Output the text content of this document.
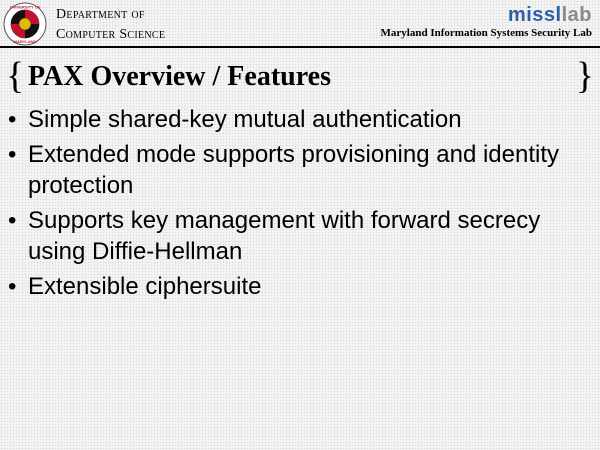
UNIVERSITY OF
MARYLAND
Department of
Computer Science
missllab
Maryland Information Systems Security Lab
{ PAX Overview / Features	}
• Simple shared-key mutual authentication
• Extended mode supports provisioning and identity protection
• Supports key management with forward secrecy using Diffie-Hellman
• Extensible ciphersuite
